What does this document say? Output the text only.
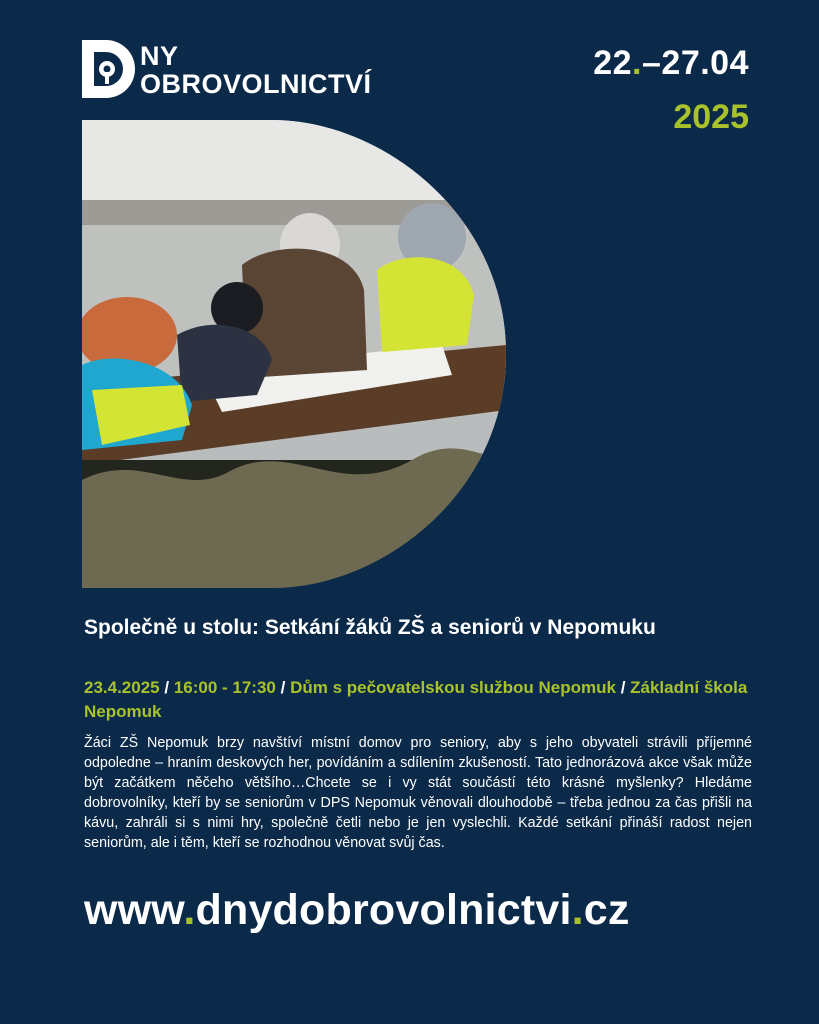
NY
OBROVOLNICTVÍ
22.–27.04
2025
Společně u stolu: Setkání žáků ZŠ a seniorů v Nepomuku
23.4.2025 / 16:00 - 17:30 / Dům s pečovatelskou službou Nepomuk / Základní škola Nepomuk
Žáci ZŠ Nepomuk brzy navštíví místní domov pro seniory, aby s jeho obyvateli strávili příjemné odpoledne – hraním deskových her, povídáním a sdílením zkušeností. Tato jednorázová akce však může být začátkem něčeho většího…Chcete se i vy stát součástí této krásné myšlenky? Hledáme dobrovolníky, kteří by se seniorům v DPS Nepomuk věnovali dlouhodobě – třeba jednou za čas přišli na kávu, zahráli si s nimi hry, společně četli nebo je jen vyslechli. Každé setkání přináší radost nejen seniorům, ale i těm, kteří se rozhodnou věnovat svůj čas.
www.dnydobrovolnictvi.cz
